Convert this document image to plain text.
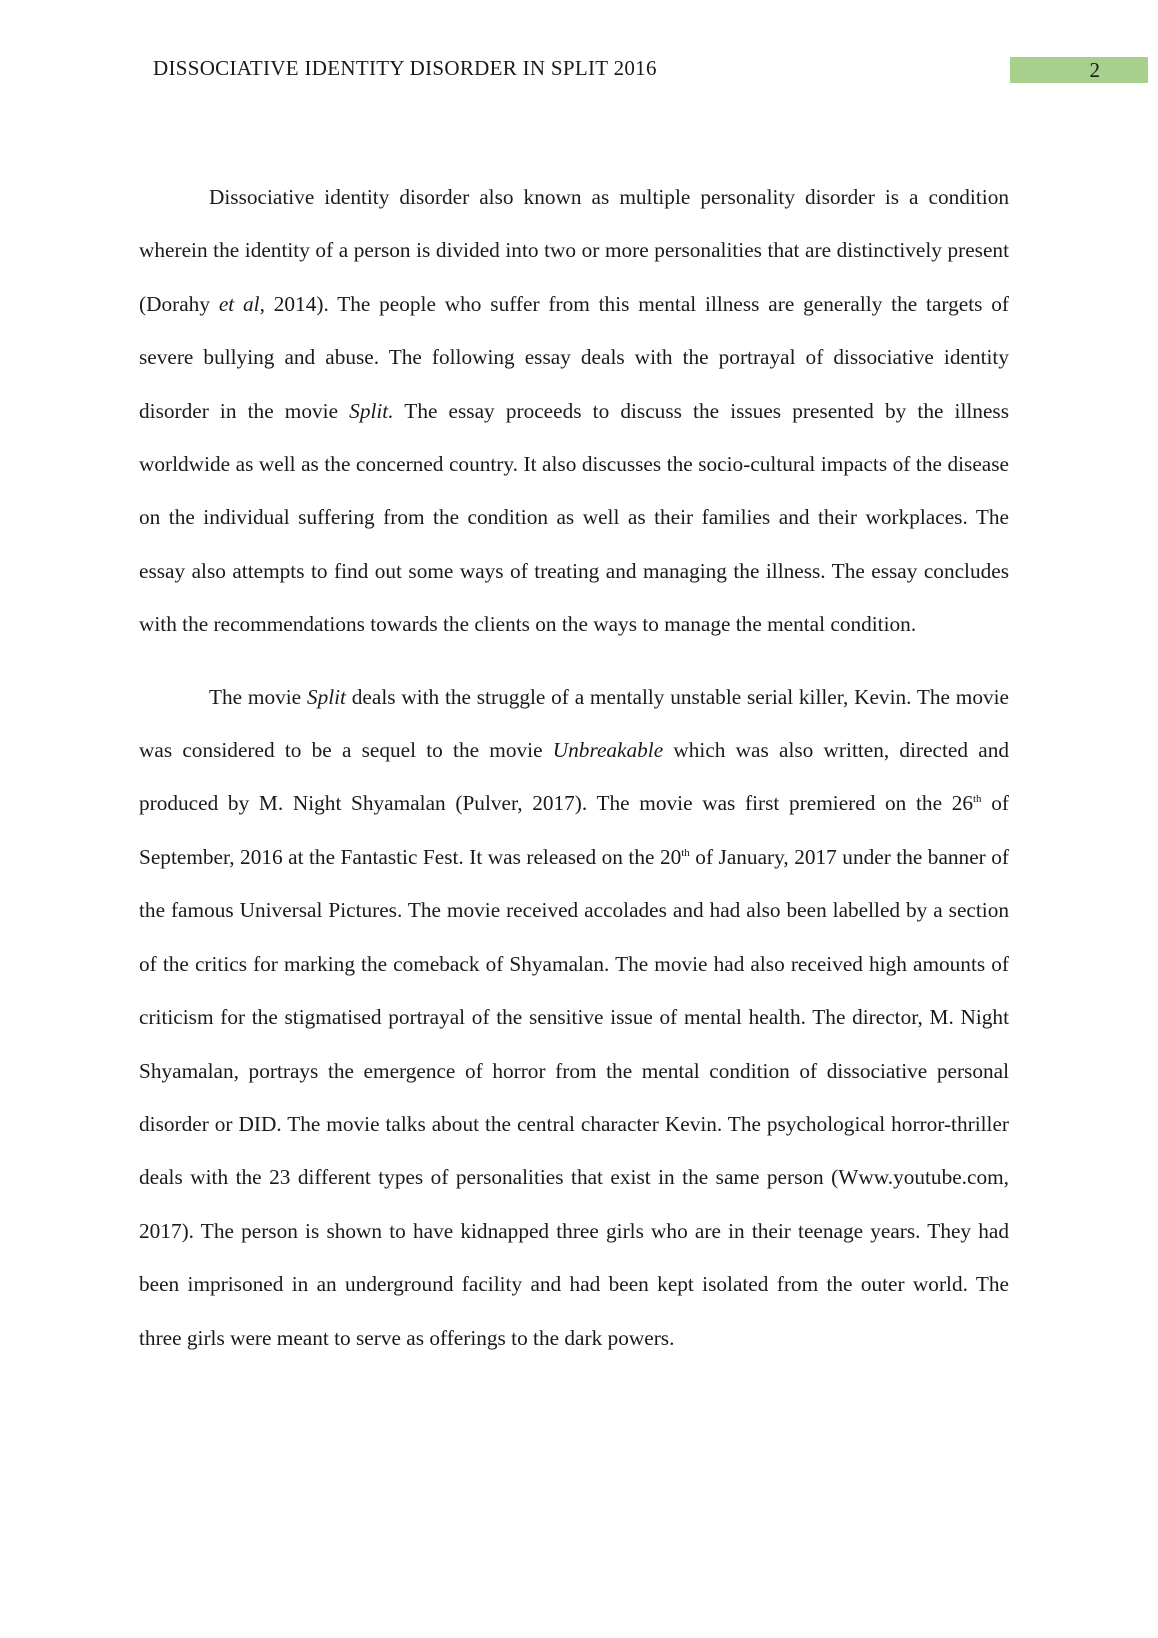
DISSOCIATIVE IDENTITY DISORDER IN SPLIT 2016	2

Dissociative identity disorder also known as multiple personality disorder is a condition wherein the identity of a person is divided into two or more personalities that are distinctively present (Dorahy et al, 2014). The people who suffer from this mental illness are generally the targets of severe bullying and abuse. The following essay deals with the portrayal of dissociative identity disorder in the movie Split. The essay proceeds to discuss the issues presented by the illness worldwide as well as the concerned country. It also discusses the socio-cultural impacts of the disease on the individual suffering from the condition as well as their families and their workplaces. The essay also attempts to find out some ways of treating and managing the illness. The essay concludes with the recommendations towards the clients on the ways to manage the mental condition.

The movie Split deals with the struggle of a mentally unstable serial killer, Kevin. The movie was considered to be a sequel to the movie Unbreakable which was also written, directed and produced by M. Night Shyamalan (Pulver, 2017). The movie was first premiered on the 26th of September, 2016 at the Fantastic Fest. It was released on the 20th of January, 2017 under the banner of the famous Universal Pictures. The movie received accolades and had also been labelled by a section of the critics for marking the comeback of Shyamalan. The movie had also received high amounts of criticism for the stigmatised portrayal of the sensitive issue of mental health. The director, M. Night Shyamalan, portrays the emergence of horror from the mental condition of dissociative personal disorder or DID. The movie talks about the central character Kevin. The psychological horror-thriller deals with the 23 different types of personalities that exist in the same person (Www.youtube.com, 2017). The person is shown to have kidnapped three girls who are in their teenage years. They had been imprisoned in an underground facility and had been kept isolated from the outer world. The three girls were meant to serve as offerings to the dark powers.
